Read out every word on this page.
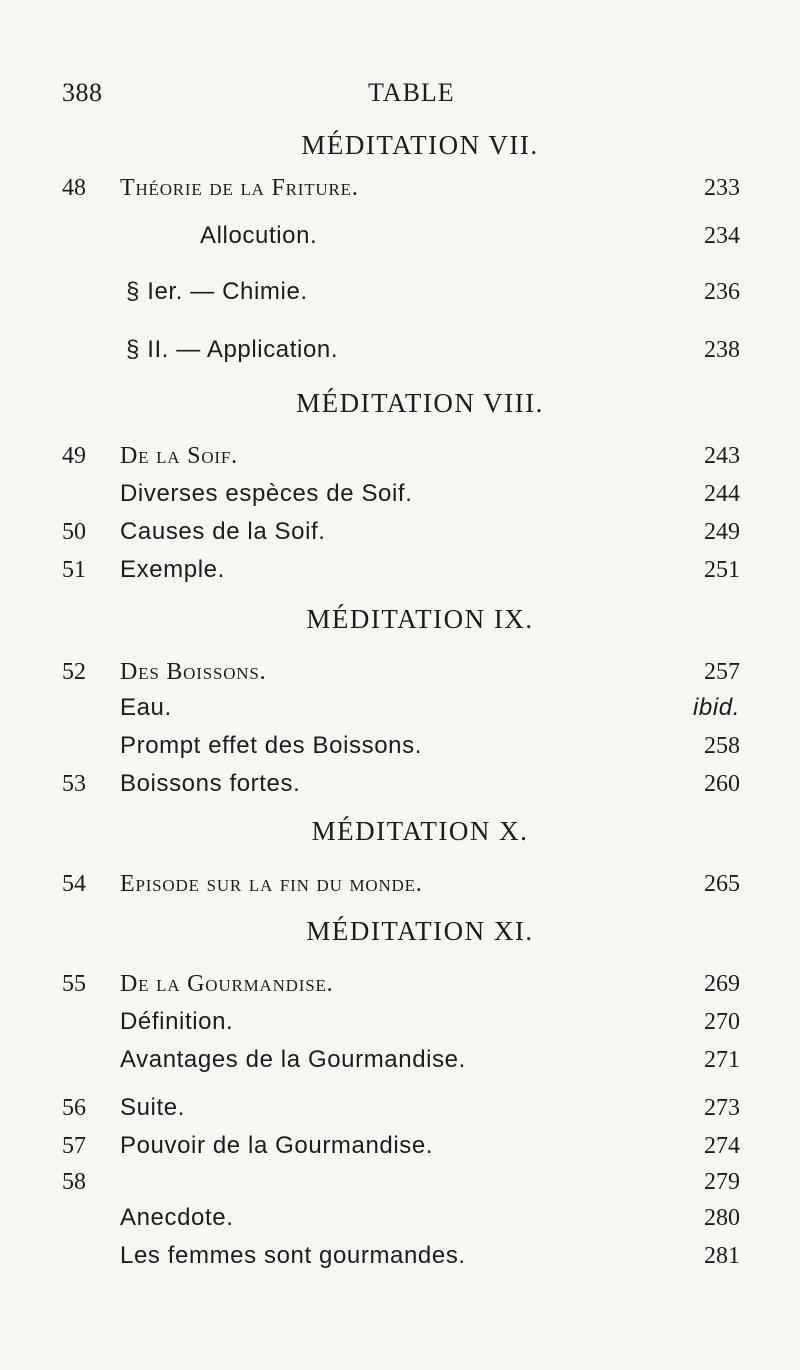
388	TABLE
MÉDITATION VII.
48 Théorie de la Friture.	233
Allocution.	234
§ Ier. — Chimie.	236
§ II. — Application.	238
MÉDITATION VIII.
49 De la Soif.	243
Diverses espèces de Soif.	244
50 Causes de la Soif.	249
51 Exemple.	251
MÉDITATION IX.
52 Des Boissons.	257
Eau.	ibid.
Prompt effet des Boissons.	258
53 Boissons fortes.	260
MÉDITATION X.
54 Episode sur la fin du monde.	265
MÉDITATION XI.
55 De la Gourmandise.	269
Définition.	270
Avantages de la Gourmandise.	271
56 Suite.	273
57 Pouvoir de la Gourmandise.	274
58	279
Anecdote.	280
Les femmes sont gourmandes.	281
